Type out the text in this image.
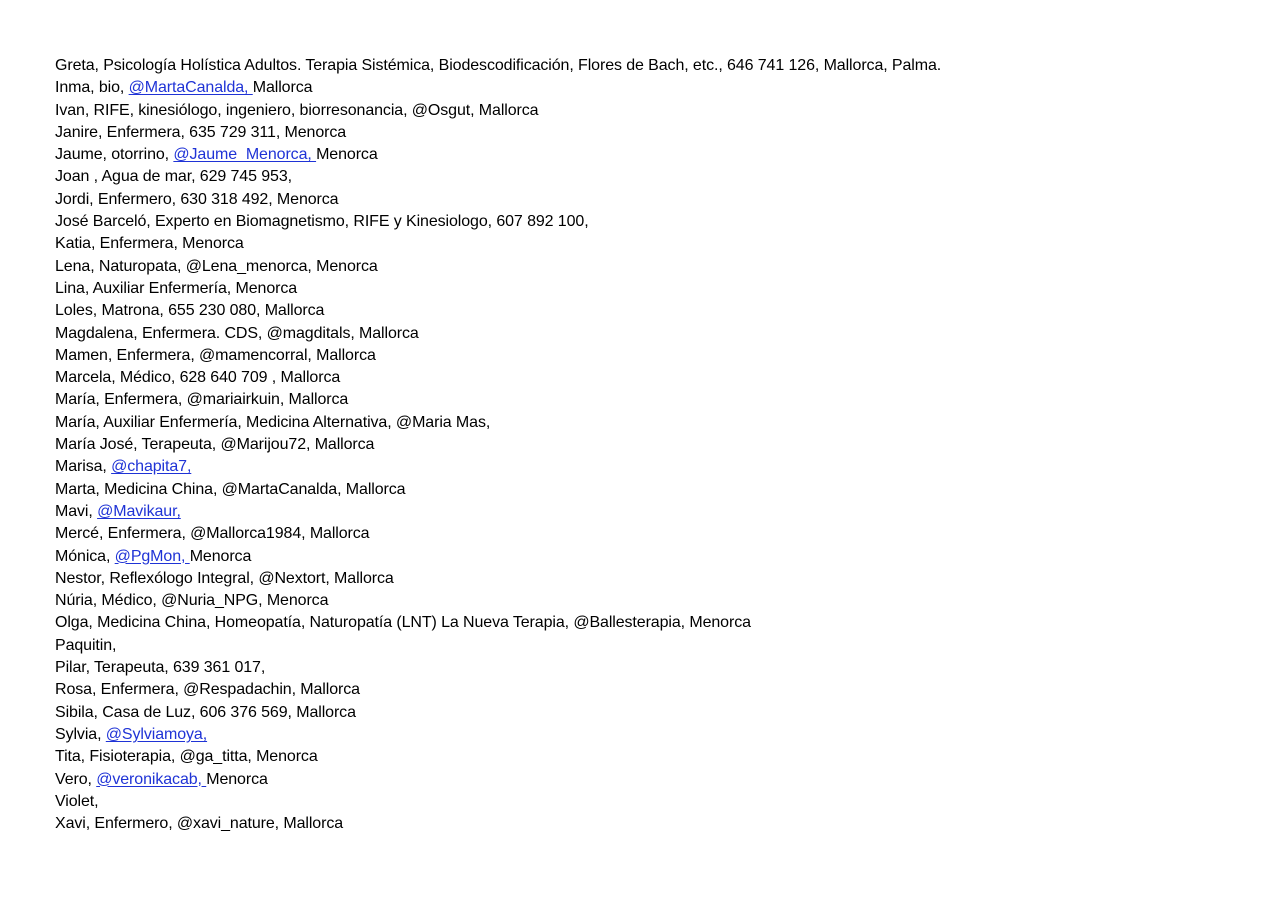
Greta, Psicología Holística Adultos. Terapia Sistémica, Biodescodificación, Flores de Bach, etc., 646 741 126, Mallorca, Palma.
Inma, bio, @MartaCanalda, Mallorca
Ivan, RIFE, kinesiólogo, ingeniero, biorresonancia, @Osgut, Mallorca
Janire, Enfermera, 635 729 311, Menorca
Jaume, otorrino, @Jaume_Menorca, Menorca
Joan , Agua de mar, 629 745 953,
Jordi, Enfermero, 630 318 492, Menorca
José Barceló, Experto en Biomagnetismo, RIFE y Kinesiologo, 607 892 100,
Katia, Enfermera, Menorca
Lena, Naturopata, @Lena_menorca, Menorca
Lina, Auxiliar Enfermería, Menorca
Loles, Matrona, 655 230 080, Mallorca
Magdalena, Enfermera. CDS, @magditals, Mallorca
Mamen, Enfermera, @mamencorral, Mallorca
Marcela, Médico, 628 640 709 , Mallorca
María, Enfermera, @mariairkuin, Mallorca
María, Auxiliar Enfermería, Medicina Alternativa, @Maria Mas,
María José, Terapeuta, @Marijou72, Mallorca
Marisa, @chapita7,
Marta, Medicina China, @MartaCanalda, Mallorca
Mavi, @Mavikaur,
Mercé, Enfermera, @Mallorca1984, Mallorca
Mónica, @PgMon, Menorca
Nestor, Reflexólogo Integral, @Nextort, Mallorca
Núria, Médico, @Nuria_NPG, Menorca
Olga, Medicina China, Homeopatía, Naturopatía (LNT) La Nueva Terapia, @Ballesterapia, Menorca
Paquitin,
Pilar, Terapeuta, 639 361 017,
Rosa, Enfermera, @Respadachin, Mallorca
Sibila, Casa de Luz, 606 376 569, Mallorca
Sylvia, @Sylviamoya,
Tita, Fisioterapia, @ga_titta, Menorca
Vero, @veronikacab, Menorca
Violet,
Xavi, Enfermero, @xavi_nature, Mallorca
